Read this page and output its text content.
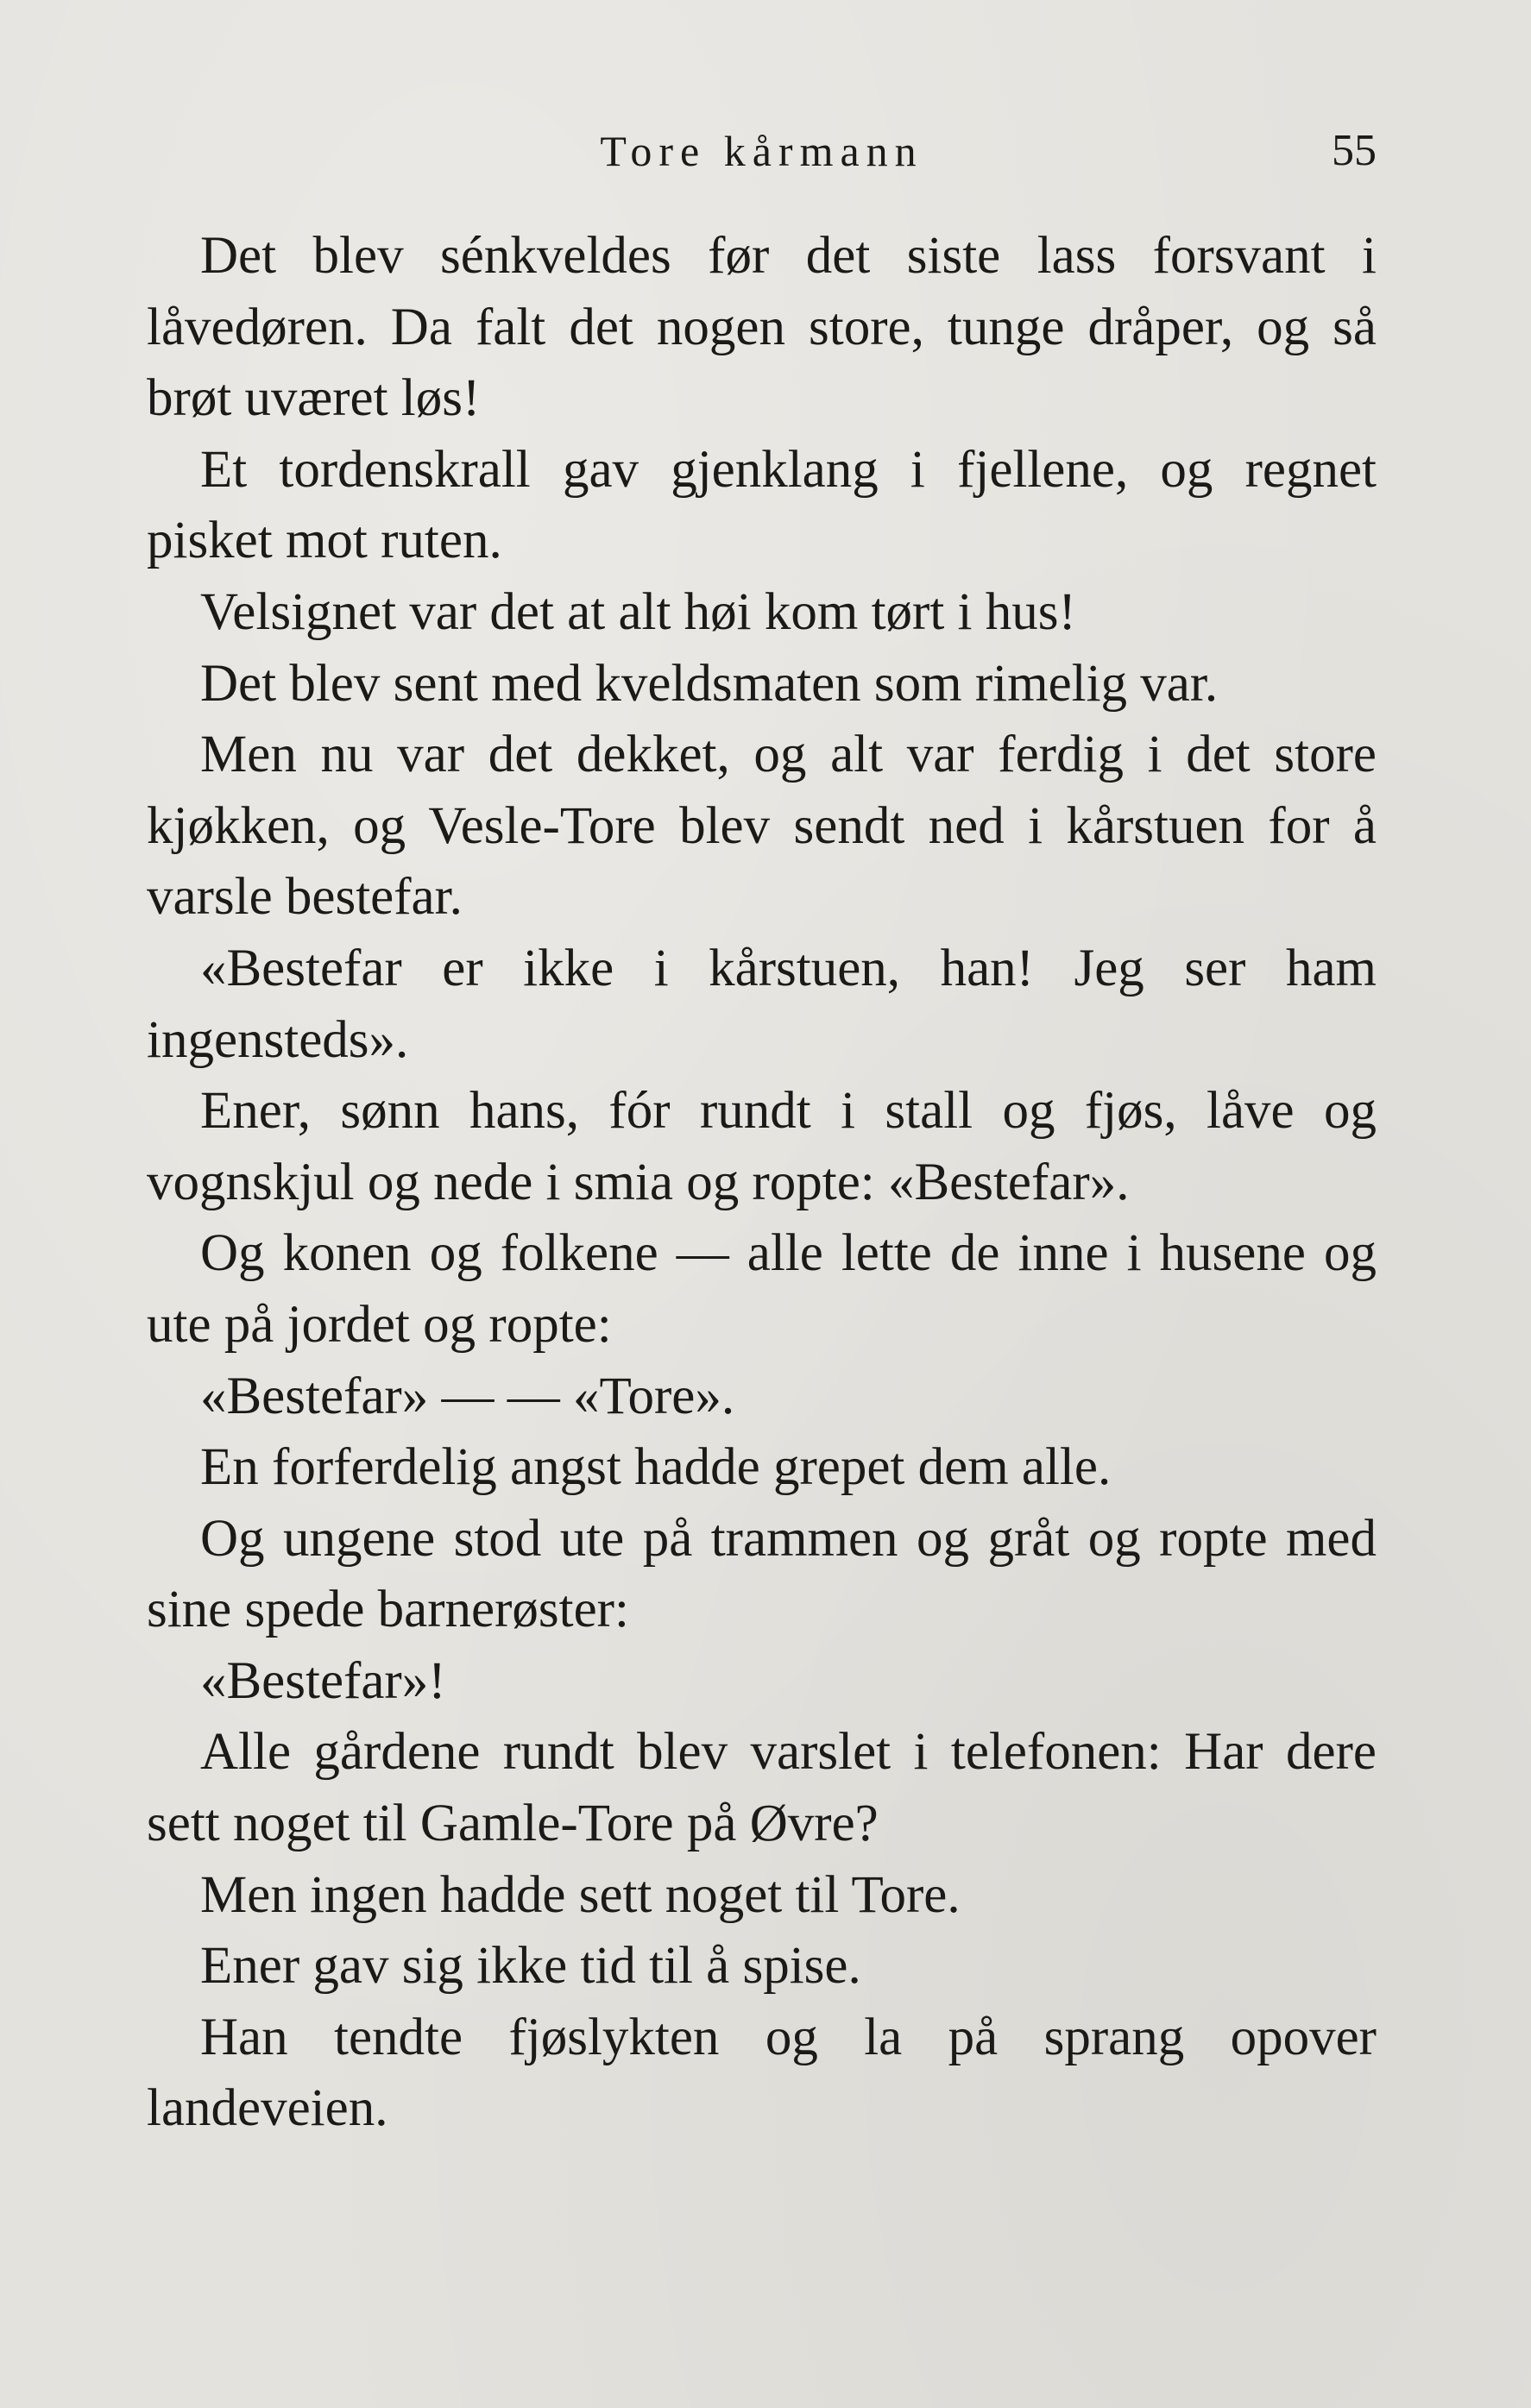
Tore kårmann	55

Det blev sénkveldes før det siste lass forsvant i låvedøren. Da falt det nogen store, tunge dråper, og så brøt uværet løs!

Et tordenskrall gav gjenklang i fjellene, og regnet pisket mot ruten.

Velsignet var det at alt høi kom tørt i hus!

Det blev sent med kveldsmaten som rimelig var.

Men nu var det dekket, og alt var ferdig i det store kjøkken, og Vesle-Tore blev sendt ned i kårstuen for å varsle bestefar.

«Bestefar er ikke i kårstuen, han! Jeg ser ham ingensteds».

Ener, sønn hans, fór rundt i stall og fjøs, låve og vognskjul og nede i smia og ropte: «Bestefar».

Og konen og folkene — alle lette de inne i husene og ute på jordet og ropte:

«Bestefar» — — «Tore».

En forferdelig angst hadde grepet dem alle.

Og ungene stod ute på trammen og gråt og ropte med sine spede barnerøster:

«Bestefar»!

Alle gårdene rundt blev varslet i telefonen: Har dere sett noget til Gamle-Tore på Øvre?

Men ingen hadde sett noget til Tore.

Ener gav sig ikke tid til å spise.

Han tendte fjøslykten og la på sprang opover landeveien.
